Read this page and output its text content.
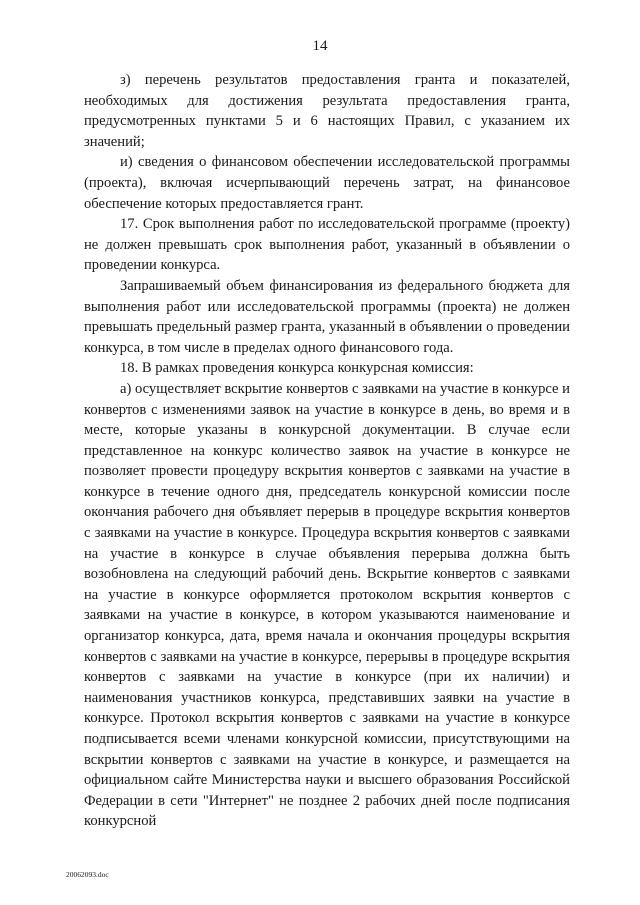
14

з) перечень результатов предоставления гранта и показателей, необходимых для достижения результата предоставления гранта, предусмотренных пунктами 5 и 6 настоящих Правил, с указанием их значений;

и) сведения о финансовом обеспечении исследовательской программы (проекта), включая исчерпывающий перечень затрат, на финансовое обеспечение которых предоставляется грант.

17. Срок выполнения работ по исследовательской программе (проекту) не должен превышать срок выполнения работ, указанный в объявлении о проведении конкурса.

Запрашиваемый объем финансирования из федерального бюджета для выполнения работ или исследовательской программы (проекта) не должен превышать предельный размер гранта, указанный в объявлении о проведении конкурса, в том числе в пределах одного финансового года.

18. В рамках проведения конкурса конкурсная комиссия:

а) осуществляет вскрытие конвертов с заявками на участие в конкурсе и конвертов с изменениями заявок на участие в конкурсе в день, во время и в месте, которые указаны в конкурсной документации. В случае если представленное на конкурс количество заявок на участие в конкурсе не позволяет провести процедуру вскрытия конвертов с заявками на участие в конкурсе в течение одного дня, председатель конкурсной комиссии после окончания рабочего дня объявляет перерыв в процедуре вскрытия конвертов с заявками на участие в конкурсе. Процедура вскрытия конвертов с заявками на участие в конкурсе в случае объявления перерыва должна быть возобновлена на следующий рабочий день. Вскрытие конвертов с заявками на участие в конкурсе оформляется протоколом вскрытия конвертов с заявками на участие в конкурсе, в котором указываются наименование и организатор конкурса, дата, время начала и окончания процедуры вскрытия конвертов с заявками на участие в конкурсе, перерывы в процедуре вскрытия конвертов с заявками на участие в конкурсе (при их наличии) и наименования участников конкурса, представивших заявки на участие в конкурсе. Протокол вскрытия конвертов с заявками на участие в конкурсе подписывается всеми членами конкурсной комиссии, присутствующими на вскрытии конвертов с заявками на участие в конкурсе, и размещается на официальном сайте Министерства науки и высшего образования Российской Федерации в сети "Интернет" не позднее 2 рабочих дней после подписания конкурсной

20062093.doc
